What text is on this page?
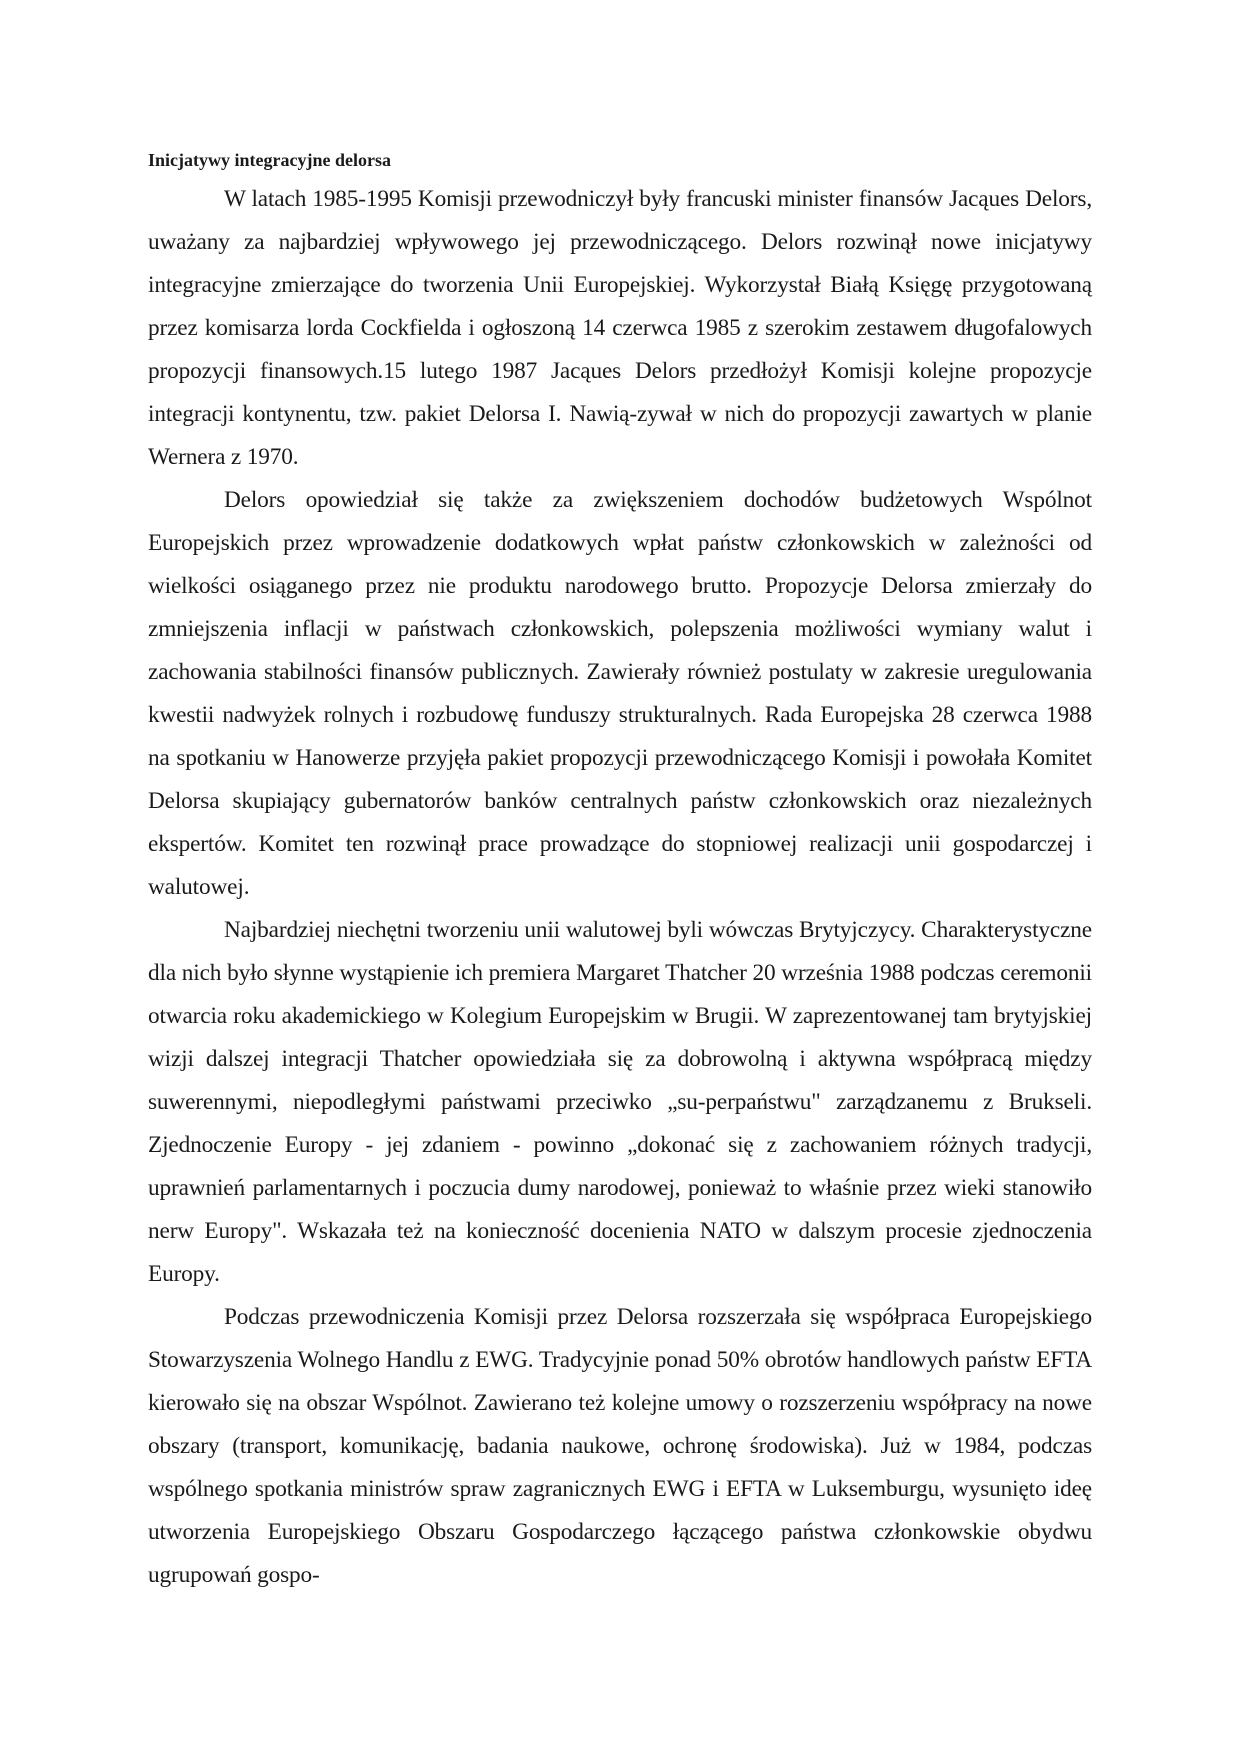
Inicjatywy integracyjne delorsa

W latach 1985-1995 Komisji przewodniczył były francuski minister finansów Jacąues Delors, uważany za najbardziej wpływowego jej przewodniczącego. Delors rozwinął nowe inicjatywy integracyjne zmierzające do tworzenia Unii Europejskiej. Wykorzystał Białą Księgę przygotowaną przez komisarza lorda Cockfielda i ogłoszoną 14 czerwca 1985 z szerokim zestawem długofalowych propozycji finansowych.15 lutego 1987 Jacąues Delors przedłożył Komisji kolejne propozycje integracji kontynentu, tzw. pakiet Delorsa I. Nawią-zywał w nich do propozycji zawartych w planie Wernera z 1970.

Delors opowiedział się także za zwiększeniem dochodów budżetowych Wspólnot Europejskich przez wprowadzenie dodatkowych wpłat państw członkowskich w zależności od wielkości osiąganego przez nie produktu narodowego brutto. Propozycje Delorsa zmierzały do zmniejszenia inflacji w państwach członkowskich, polepszenia możliwości wymiany walut i zachowania stabilności finansów publicznych. Zawierały również postulaty w zakresie uregulowania kwestii nadwyżek rolnych i rozbudowę funduszy strukturalnych. Rada Europejska 28 czerwca 1988 na spotkaniu w Hanowerze przyjęła pakiet propozycji przewodniczącego Komisji i powołała Komitet Delorsa skupiający gubernatorów banków centralnych państw członkowskich oraz niezależnych ekspertów. Komitet ten rozwinął prace prowadzące do stopniowej realizacji unii gospodarczej i walutowej.

Najbardziej niechętni tworzeniu unii walutowej byli wówczas Brytyjczycy. Charakterystyczne dla nich było słynne wystąpienie ich premiera Margaret Thatcher 20 września 1988 podczas ceremonii otwarcia roku akademickiego w Kolegium Europejskim w Brugii. W zaprezentowanej tam brytyjskiej wizji dalszej integracji Thatcher opowiedziała się za dobrowolną i aktywna współpracą między suwerennymi, niepodległymi państwami przeciwko „su-perpaństwu" zarządzanemu z Brukseli. Zjednoczenie Europy - jej zdaniem - powinno „dokonać się z zachowaniem różnych tradycji, uprawnień parlamentarnych i poczucia dumy narodowej, ponieważ to właśnie przez wieki stanowiło nerw Europy". Wskazała też na konieczność docenienia NATO w dalszym procesie zjednoczenia Europy.

Podczas przewodniczenia Komisji przez Delorsa rozszerzała się współpraca Europejskiego Stowarzyszenia Wolnego Handlu z EWG. Tradycyjnie ponad 50% obrotów handlowych państw EFTA kierowało się na obszar Wspólnot. Zawierano też kolejne umowy o rozszerzeniu współpracy na nowe obszary (transport, komunikację, badania naukowe, ochronę środowiska). Już w 1984, podczas wspólnego spotkania ministrów spraw zagranicznych EWG i EFTA w Luksemburgu, wysunięto ideę utworzenia Europejskiego Obszaru Gospodarczego łączącego państwa członkowskie obydwu ugrupowań gospo-
